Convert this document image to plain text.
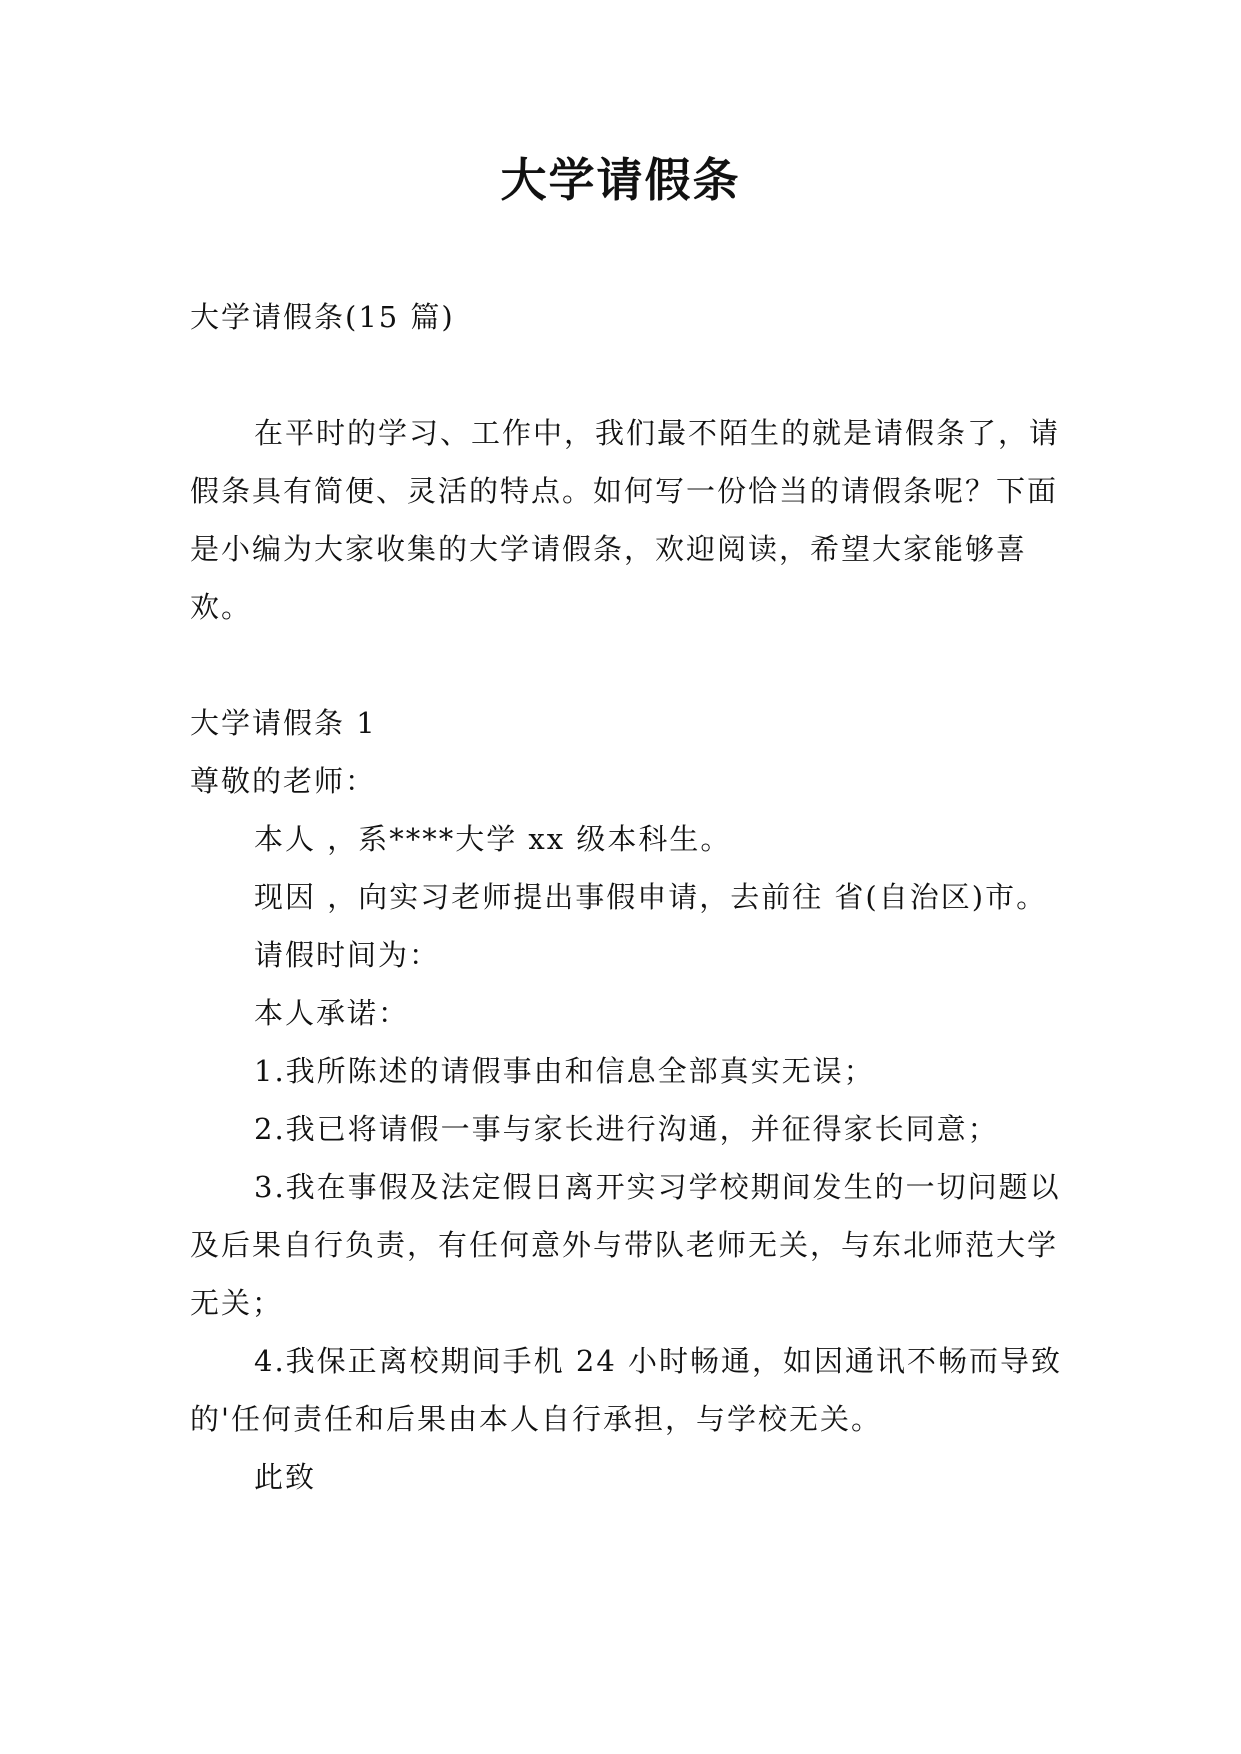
大学请假条

大学请假条(15 篇)

在平时的学习、工作中，我们最不陌生的就是请假条了，请假条具有简便、灵活的特点。如何写一份恰当的请假条呢？下面是小编为大家收集的大学请假条，欢迎阅读，希望大家能够喜欢。

大学请假条 1

尊敬的老师：

本人 ，系****大学 xx 级本科生。

现因 ，向实习老师提出事假申请，去前往 省(自治区)市。

请假时间为：

本人承诺：

1.我所陈述的请假事由和信息全部真实无误；

2.我已将请假一事与家长进行沟通，并征得家长同意；

3.我在事假及法定假日离开实习学校期间发生的一切问题以及后果自行负责，有任何意外与带队老师无关，与东北师范大学无关；

4.我保正离校期间手机 24 小时畅通，如因通讯不畅而导致的'任何责任和后果由本人自行承担，与学校无关。

此致
